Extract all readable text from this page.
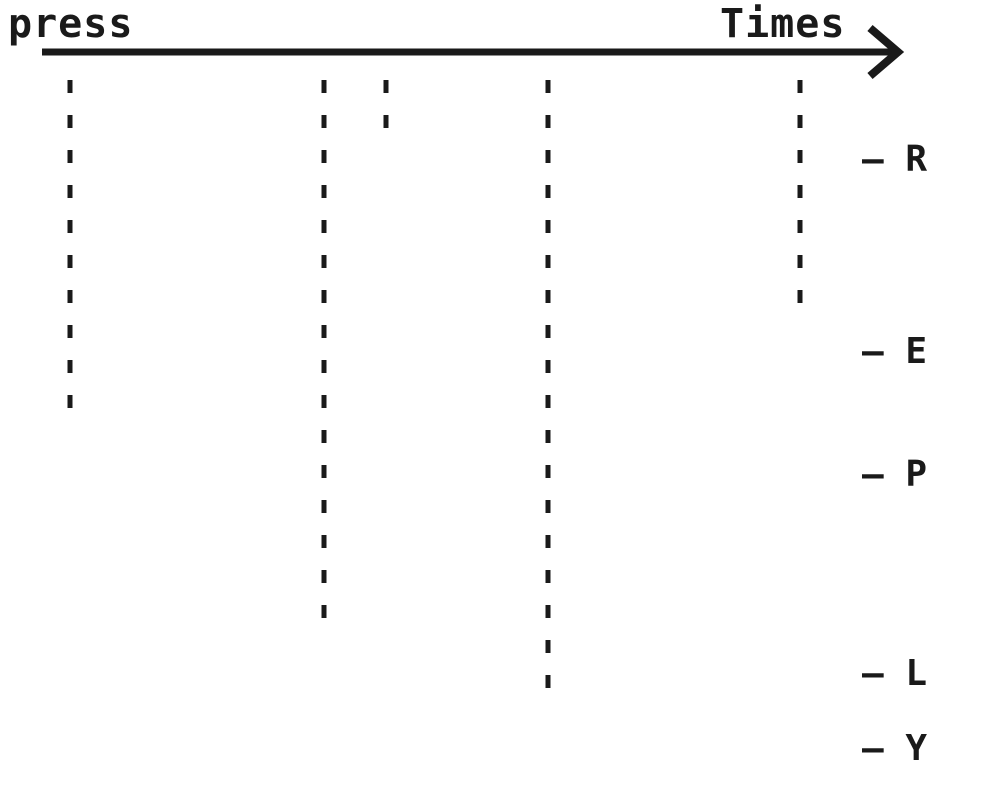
press	Times
– R
– E
– P
– L
– Y
